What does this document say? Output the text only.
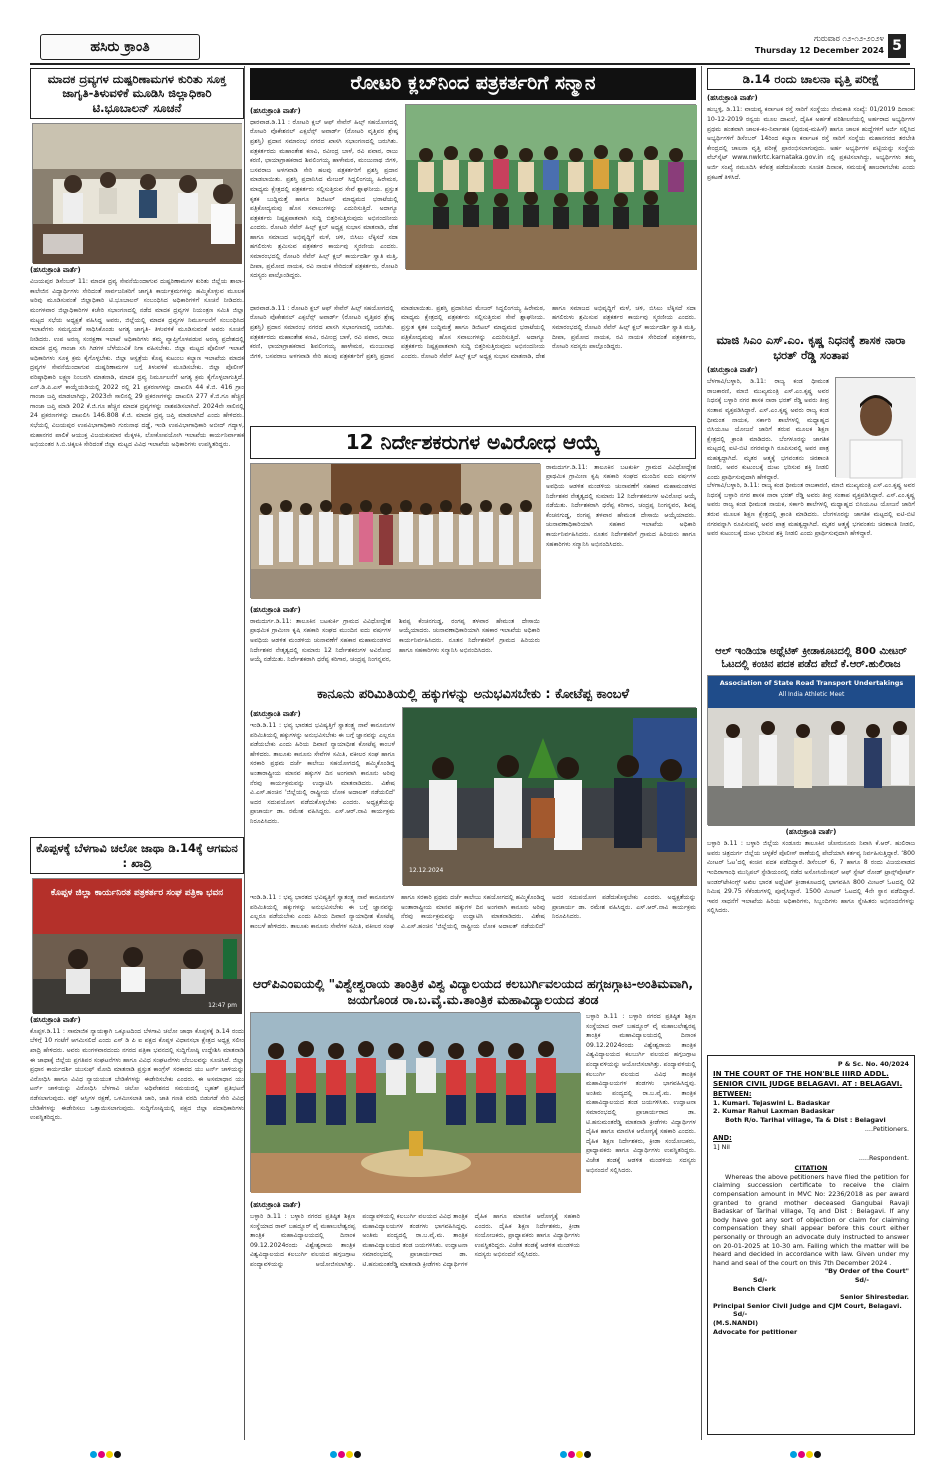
ಹಸಿರು ಕ್ರಾಂತಿ
ಗುರುವಾರ ೧೨-೧೨-೨೦೨೪
Thursday 12 December 2024 5
ಮಾದಕ ದ್ರವ್ಯಗಳ ದುಷ್ಪರಿಣಾಮಗಳ ಕುರಿತು ಸೂಕ್ತ ಜಾಗೃತಿ-ತಿಳುವಳಿಕೆ ಮೂಡಿಸಿ ಜಿಲ್ಲಾಧಿಕಾರಿ ಟಿ.ಭೂಬಾಲನ್ ಸೂಚನೆ
(ಹಸಿರುಕ್ರಾಂತಿ ವಾರ್ತೆ)
ವಿಜಯಪುರ ಡಿಸೆಂಬರ್ 11: ಮಾದಕ ದ್ರವ್ಯ ಸೇವನೆಯಿಂದಾಗುವ ದುಷ್ಪರಿಣಾಮಗಳ ಕುರಿತು ಜಿಲ್ಲೆಯ ಶಾಲಾ-ಕಾಲೇಜಿನ ವಿದ್ಯಾರ್ಥಿಗಳು ಸೇರಿದಂತೆ ಸಾರ್ವಜನಿಕರಿಗೆ ಜಾಗೃತಿ ಕಾರ್ಯಕ್ರಮಗಳನ್ನು ಹಮ್ಮಿಕೊಳ್ಳುವ ಮೂಲಕ ಅರಿವು ಮೂಡಿಸುವಂತೆ ಜಿಲ್ಲಾಧಿಕಾರಿ ಟಿ.ಭೂಬಾಲನ್ ಸಂಬಂಧಿಸಿದ ಅಧಿಕಾರಿಗಳಿಗೆ ಸೂಚನೆ ನೀಡಿದರು. ಮಂಗಳವಾರ ಜಿಲ್ಲಾಧಿಕಾರಿಗಳ ಕಚೇರಿ ಸಭಾಂಗಣದಲ್ಲಿ ನಡೆದ ಮಾದಕ ದ್ರವ್ಯಗಳ ನಿಯಂತ್ರಣ ಸಮಿತಿ ಜಿಲ್ಲಾ ಮಟ್ಟದ ಸಭೆಯ ಅಧ್ಯಕ್ಷತೆ ವಹಿಸಿದ್ದ ಅವರು, ಜಿಲ್ಲೆಯಲ್ಲಿ ಮಾದಕ ದ್ರವ್ಯಗಳ ನಿರ್ಮೂಲನೆಗೆ ಸಂಬಂಧಿಸಿದ ಇಲಾಖೆಗಳು ಸಮನ್ವಯತೆ ಸಾಧಿಸಿಕೊಂಡು ಅಗತ್ಯ ಜಾಗೃತಿ- ತಿಳುವಳಿಕೆ ಮೂಡಿಸುವಂತೆ ಅವರು ಸೂಚನೆ ನೀಡಿದರು. ಉಪ ಅರಣ್ಯ ಸಂರಕ್ಷಣಾ ಇಲಾಖೆ ಅಧಿಕಾರಿಗಳು ತಮ್ಮ ವ್ಯಾಪ್ತಿಗೊಳಪಡುವ ಅರಣ್ಯ ಪ್ರದೇಶದಲ್ಲಿ ಮಾದಕ ದ್ರವ್ಯ ಗಾಂಜಾ ಸಸಿ ಗಿಡಗಳ ಬೆಳೆಯುವಿಕೆ ನಿಗಾ ವಹಿಸಬೇಕು. ಜಿಲ್ಲಾ ಮಟ್ಟದ ಪೊಲೀಸ್ ಇಲಾಖೆ ಅಧಿಕಾರಿಗಳು ಸೂಕ್ತ ಕ್ರಮ ಕೈಗೊಳ್ಳಬೇಕು. ಜಿಲ್ಲಾ ಆಸ್ಪತ್ರೆಯ ಕೊಪ್ಪ ಕುಟುಂಬ ಕಲ್ಯಾಣ ಇಲಾಖೆಯ ಮಾದಕ ದ್ರವ್ಯಗಳ ಸೇವನೆಯಿಂದಾಗುವ ದುಷ್ಪರಿಣಾಮಗಳ ಬಗ್ಗೆ ತಿಳುವಳಿಕೆ ಮೂಡಿಸಬೇಕು. ಜಿಲ್ಲಾ ಪೊಲೀಸ್ ವರಿಷ್ಠಾಧಿಕಾರಿ ಲಕ್ಷ್ಮಣ ನಿಂಬರಗಿ ಮಾತನಾಡಿ, ಮಾದಕ ದ್ರವ್ಯ ನಿರ್ಮೂಲನೆಗೆ ಅಗತ್ಯ ಕ್ರಮ ಕೈಗೊಳ್ಳಲಾಗುತ್ತಿದೆ. ಎನ್.ಡಿ.ಪಿ.ಎಸ್ ಕಾಯ್ದೆಯಡಿಯಲ್ಲಿ 2022 ರಲ್ಲಿ 21 ಪ್ರಕರಣಗಳನ್ನು ದಾಖಲಿಸಿ 44 ಕೆ.ಜಿ. 416 ಗ್ರಾಂ ಗಾಂಜಾ ಜಪ್ತಿ ಮಾಡಲಾಗಿದ್ದು, 2023ನೇ ಸಾಲಿನಲ್ಲಿ 29 ಪ್ರಕರಣಗಳನ್ನು ದಾಖಲಿಸಿ 277 ಕೆ.ಜಿ.ಗೂ ಹೆಚ್ಚಿನ ಗಾಂಜಾ ಜಪ್ತಿ ಮಾಡಿ 202 ಕೆ.ಜಿ.ಗೂ ಹೆಚ್ಚಿನ ಮಾದಕ ದ್ರವ್ಯಗಳನ್ನು ನಾಶಪಡಿಸಲಾಗಿದೆ. 2024ನೇ ಸಾಲಿನಲ್ಲಿ 24 ಪ್ರಕರಣಗಳನ್ನು ದಾಖಲಿಸಿ 146.808 ಕೆ.ಜಿ. ಮಾದಕ ದ್ರವ್ಯ ಜಪ್ತಿ ಮಾಡಲಾಗಿದೆ ಎಂದು ಹೇಳಿದರು. ಸಭೆಯಲ್ಲಿ ವಿಜಯಪುರ ಉಪವಿಭಾಗಾಧಿಕಾರಿ ಗುರುನಾಥ ದಡ್ಡೆ, ಇಂಡಿ ಉಪವಿಭಾಗಾಧಿಕಾರಿ ಅಬೀದ್ ಗದ್ಯಾಳ, ಮಹಾನಗರ ಪಾಲಿಕೆ ಆಯುಕ್ತ ವಿಜಯಕುಮಾರ ಮೆಕ್ಕಳಕಿ, ಲೋಕೋಪಯೋಗಿ ಇಲಾಖೆಯ ಕಾರ್ಯನಿರ್ವಾಹಕ ಅಭಿಯಂತರ ಸಿ.ಬಿ.ಚಿಕ್ಕಲಕಿ ಸೇರಿದಂತೆ ಜಿಲ್ಲಾ ಮಟ್ಟದ ವಿವಿಧ ಇಲಾಖೆಯ ಅಧಿಕಾರಿಗಳು ಉಪಸ್ಥಿತರಿದ್ದರು.
ಕೊಪ್ಪಳಕ್ಕೆ ಬೆಳಗಾವಿ ಚಲೋ ಜಾಥಾ ಡಿ.14ಕ್ಕೆ ಆಗಮನ : ಖಾದ್ರಿ
ಕೊಪ್ಪಳ ಜಿಲ್ಲಾ ಕಾರ್ಯನಿರತ ಪತ್ರಕರ್ತರ ಸಂಘ ಪತ್ರಿಕಾ ಭವನ
12:47 pm
(ಹಸಿರುಕ್ರಾಂತಿ ವಾರ್ತೆ)
ಕೊಪ್ಪಳ.ಡಿ.11 : ಸಾಮಾಜಿಕ ನ್ಯಾಯಕ್ಕಾಗಿ ಒಕ್ಕೂಟದಿಂದ ಬೆಳಗಾವಿ ಚಲೋ ಜಾಥಾ ಕೊಪ್ಪಳಕ್ಕೆ ಡಿ.14 ರಂದು ಬೆಳಿಗ್ಗೆ 10 ಗಂಟೆಗೆ ಆಗಮಿಸಲಿದೆ ಎಂದು ಎಸ್ ಡಿ ಪಿ ಐ ಪಕ್ಷದ ಕೊಪ್ಪಳ ವಿಧಾನಸಭಾ ಕ್ಷೇತ್ರದ ಅಧ್ಯಕ್ಷ ಸಲೀಂ ಖಾದ್ರಿ ಹೇಳಿದರು. ಅವರು ಮಂಗಳವಾರದಂದು ನಗರದ ಪತ್ರಿಕಾ ಭವನದಲ್ಲಿ ಸುದ್ದಿಗೋಷ್ಠಿ ಉದ್ದೇಶಿಸಿ ಮಾತನಾಡಿ ಈ ಜಾಥಾಕ್ಕೆ ಜಿಲ್ಲೆಯ ಪ್ರಗತಿಪರ ಸಂಘಟನೆಗಳು ಹಾಗೂ ವಿವಿಧ ಸಂಘಟನೆಗಳು ಬೆಂಬಲವನ್ನು ಸೂಚಿಸಿದೆ. ಜಿಲ್ಲಾ ಪ್ರಧಾನ ಕಾರ್ಯದರ್ಶಿ ಯುಸುಫ್ ಮೋದಿ ಮಾತನಾಡಿ ಪ್ರಸ್ತುತ ಕಾಂಗ್ರೆಸ್ ಸರಕಾರದ ಯು ಟರ್ನ್ ಚಾಳಿಯನ್ನು ವಿರೋಧಿಸಿ ಹಾಗೂ ವಿವಿಧ ನ್ಯಾಯಯುತ ಬೇಡಿಕೆಗಳನ್ನು ಈಡೇರಿಸಬೇಕು ಎಂದರು. ಈ ಅಸಮಾಧಾನ ಯು ಟರ್ನ್ ಚಾಳಿಯನ್ನು ವಿರೋಧಿಸಿ ಬೆಳಗಾವಿ ಚಲೋ ಅಧಿವೇಶನದ ಸಮಯದಲ್ಲಿ ಬೃಹತ್ ಪ್ರತಿಭಟನೆ ನಡೆಸಲಾಗುವುದು. ವಕ್ಫ್ ಆಸ್ತಿಗಳ ರಕ್ಷಣೆ, ಒಳಮೀಸಲಾತಿ ಜಾರಿ, ಜಾತಿ ಗಣತಿ ವರದಿ ಬಿಡುಗಡೆ ಸೇರಿ ವಿವಿಧ ಬೇಡಿಕೆಗಳನ್ನು ಈಡೇರಿಸಲು ಒತ್ತಾಯಿಸಲಾಗುವುದು. ಸುದ್ದಿಗೋಷ್ಠಿಯಲ್ಲಿ ಪಕ್ಷದ ಜಿಲ್ಲಾ ಪದಾಧಿಕಾರಿಗಳು ಉಪಸ್ಥಿತರಿದ್ದರು.
ರೋಟರಿ ಕ್ಲಬ್‌ನಿಂದ ಪತ್ರಕರ್ತರಿಗೆ ಸನ್ಮಾನ
(ಹಸಿರುಕ್ರಾಂತಿ ವಾರ್ತೆ)
ಧಾರವಾಡ.ಡಿ.11 : ರೋಟರಿ ಕ್ಲಬ್ ಆಫ್ ಸೇವೆನ್ ಹಿಲ್ಸ್ ಸಹಯೋಗದಲ್ಲಿ ರೋಟರಿ ವೊಕೇಶನಲ್ ಎಕ್ಸಲೆನ್ಸ್ ಅವಾರ್ಡ್ (ರೋಟರಿ ವೃತ್ತಿಪರ ಶ್ರೇಷ್ಠ ಪ್ರಶಸ್ತಿ) ಪ್ರದಾನ ಸಮಾರಂಭ ನಗರದ ಖಾಸಗಿ ಸಭಾಂಗಣದಲ್ಲಿ ಜರುಗಿತು. ಪತ್ರಕರ್ತರದು ಮಹಾಂತೇಶ ಕಣವಿ, ರವೀಂದ್ರ ಬಾಳೆ, ರವಿ ಪವಾರ, ರಾಜು ಕರಣಿ, ಛಾಯಾಗ್ರಾಹಕರಾದ ಶಿವಲಿಂಗಯ್ಯ ಹಾಳೇಮಠ, ಮಂಜುನಾಥ ಜಿಗಳಿ, ಬಸವರಾಜ ಅಳಗವಾಡಿ ಸೇರಿ ಹಲವು ಪತ್ರಕರ್ತರಿಗೆ ಪ್ರಶಸ್ತಿ ಪ್ರದಾನ ಮಾಡಲಾಯಿತು. ಪ್ರಶಸ್ತಿ ಪ್ರದಾನಿಸಿದ ಮೇಜರ್ ಸಿದ್ದಲಿಂಗಯ್ಯ ಹಿರೇಮಠ, ಮಾಧ್ಯಮ ಕ್ಷೇತ್ರದಲ್ಲಿ ಪತ್ರಕರ್ತರು ಸಲ್ಲಿಸುತ್ತಿರುವ ಸೇವೆ ಶ್ಲಾಘನೀಯ. ಪ್ರಸ್ತುತ ಕೃತಕ ಬುದ್ಧಿಮತ್ತೆ ಹಾಗೂ ಡಿಜಿಟಲ್ ಮಾಧ್ಯಮದ ಭರಾಟೆಯಲ್ಲಿ ಪತ್ರಿಕೋದ್ಯಮವು ಹೊಸ ಸವಾಲುಗಳನ್ನು ಎದುರಿಸುತ್ತಿದೆ. ಅದಾಗ್ಯೂ ಪತ್ರಕರ್ತರು ನಿಷ್ಪಕ್ಷಪಾತವಾಗಿ ಸುದ್ದಿ ಬಿತ್ತರಿಸುತ್ತಿರುವುದು ಅಭಿನಂದನೀಯ ಎಂದರು. ರೋಟರಿ ಸೆವೆನ್ ಹಿಲ್ಸ್ ಕ್ಲಬ್ ಅಧ್ಯಕ್ಷ ಸುಭಾಸ ಮಾತನಾಡಿ, ದೇಶ ಹಾಗೂ ಸಮಾಜದ ಅಭಿವೃದ್ಧಿಗೆ ಮಳೆ, ಚಳಿ, ಬಿಸಿಲು ಲೆಕ್ಕಿಸದೆ ಸದಾ ಹಗಲಿರುಳು ಶ್ರಮಿಸುವ ಪತ್ರಕರ್ತರ ಕಾರ್ಯವು ಸ್ಮರಣೀಯ ಎಂದರು. ಸಮಾರಂಭದಲ್ಲಿ ರೋಟರಿ ಸೆವೆನ್ ಹಿಲ್ಸ್ ಕ್ಲಬ್ ಕಾರ್ಯದರ್ಶಿ ಸ್ವಾತಿ ಮತ್ತಿ, ದೀಪಾ, ಪ್ರಮೋದ ನಾಯಕ, ರವಿ ನಾಯಕ ಸೇರಿದಂತೆ ಪತ್ರಕರ್ತರು, ರೋಟರಿ ಸದಸ್ಯರು ಪಾಲ್ಗೊಂಡಿದ್ದರು.
ಧಾರವಾಡ.ಡಿ.11 : ರೋಟರಿ ಕ್ಲಬ್ ಆಫ್ ಸೇವೆನ್ ಹಿಲ್ಸ್ ಸಹಯೋಗದಲ್ಲಿ ರೋಟರಿ ವೊಕೇಶನಲ್ ಎಕ್ಸಲೆನ್ಸ್ ಅವಾರ್ಡ್ (ರೋಟರಿ ವೃತ್ತಿಪರ ಶ್ರೇಷ್ಠ ಪ್ರಶಸ್ತಿ) ಪ್ರದಾನ ಸಮಾರಂಭ ನಗರದ ಖಾಸಗಿ ಸಭಾಂಗಣದಲ್ಲಿ ಜರುಗಿತು. ಪತ್ರಕರ್ತರದು ಮಹಾಂತೇಶ ಕಣವಿ, ರವೀಂದ್ರ ಬಾಳೆ, ರವಿ ಪವಾರ, ರಾಜು ಕರಣಿ, ಛಾಯಾಗ್ರಾಹಕರಾದ ಶಿವಲಿಂಗಯ್ಯ ಹಾಳೇಮಠ, ಮಂಜುನಾಥ ಜಿಗಳಿ, ಬಸವರಾಜ ಅಳಗವಾಡಿ ಸೇರಿ ಹಲವು ಪತ್ರಕರ್ತರಿಗೆ ಪ್ರಶಸ್ತಿ ಪ್ರದಾನ ಮಾಡಲಾಯಿತು. ಪ್ರಶಸ್ತಿ ಪ್ರದಾನಿಸಿದ ಮೇಜರ್ ಸಿದ್ದಲಿಂಗಯ್ಯ ಹಿರೇಮಠ, ಮಾಧ್ಯಮ ಕ್ಷೇತ್ರದಲ್ಲಿ ಪತ್ರಕರ್ತರು ಸಲ್ಲಿಸುತ್ತಿರುವ ಸೇವೆ ಶ್ಲಾಘನೀಯ. ಪ್ರಸ್ತುತ ಕೃತಕ ಬುದ್ಧಿಮತ್ತೆ ಹಾಗೂ ಡಿಜಿಟಲ್ ಮಾಧ್ಯಮದ ಭರಾಟೆಯಲ್ಲಿ ಪತ್ರಿಕೋದ್ಯಮವು ಹೊಸ ಸವಾಲುಗಳನ್ನು ಎದುರಿಸುತ್ತಿದೆ. ಅದಾಗ್ಯೂ ಪತ್ರಕರ್ತರು ನಿಷ್ಪಕ್ಷಪಾತವಾಗಿ ಸುದ್ದಿ ಬಿತ್ತರಿಸುತ್ತಿರುವುದು ಅಭಿನಂದನೀಯ ಎಂದರು. ರೋಟರಿ ಸೆವೆನ್ ಹಿಲ್ಸ್ ಕ್ಲಬ್ ಅಧ್ಯಕ್ಷ ಸುಭಾಸ ಮಾತನಾಡಿ, ದೇಶ ಹಾಗೂ ಸಮಾಜದ ಅಭಿವೃದ್ಧಿಗೆ ಮಳೆ, ಚಳಿ, ಬಿಸಿಲು ಲೆಕ್ಕಿಸದೆ ಸದಾ ಹಗಲಿರುಳು ಶ್ರಮಿಸುವ ಪತ್ರಕರ್ತರ ಕಾರ್ಯವು ಸ್ಮರಣೀಯ ಎಂದರು. ಸಮಾರಂಭದಲ್ಲಿ ರೋಟರಿ ಸೆವೆನ್ ಹಿಲ್ಸ್ ಕ್ಲಬ್ ಕಾರ್ಯದರ್ಶಿ ಸ್ವಾತಿ ಮತ್ತಿ, ದೀಪಾ, ಪ್ರಮೋದ ನಾಯಕ, ರವಿ ನಾಯಕ ಸೇರಿದಂತೆ ಪತ್ರಕರ್ತರು, ರೋಟರಿ ಸದಸ್ಯರು ಪಾಲ್ಗೊಂಡಿದ್ದರು.
12 ನಿರ್ದೇಶಕರುಗಳ ಅವಿರೋಧ ಆಯ್ಕೆ
ರಾಮದುರ್ಗ.ಡಿ.11: ತಾಲೂಕಿನ ಬಟಕುರ್ಕಿ ಗ್ರಾಮದ ವಿವಿಧೋದ್ದೇಶ ಪ್ರಾಥಮಿಕ ಗ್ರಾಮೀಣ ಕೃಷಿ ಸಹಕಾರಿ ಸಂಘದ ಮುಂದಿನ ಐದು ವರ್ಷಗಳ ಅವಧಿಯ ಆಡಳಿತ ಮಂಡಳಿಯ ಚುನಾವಣೆಗೆ ಸಹಕಾರ ಮಹಾಮಂಡಳದ ನಿರ್ದೇಶಕರ ನೇತೃತ್ವದಲ್ಲಿ ಸುಮಾರು 12 ನಿರ್ದೇಶಕರುಗಳ ಅವಿರೋಧ ಆಯ್ಕೆ ನಡೆಯಿತು. ನಿರ್ದೇಶಕರಾಗಿ ಧರೆಪ್ಪ ಕರಿಗಾರ, ಚಂದ್ರಪ್ಪ ನಿಂಗನ್ನವರ, ಶಿವಪ್ಪ ಕೆಂಚನಗುಡ್ಡ, ರಂಗಪ್ಪ ತಳವಾರ ಹೇಮಂತ ದೇಸಾಯಿ ಆಯ್ಕೆಯಾದರು. ಚುನಾವಣಾಧಿಕಾರಿಯಾಗಿ ಸಹಕಾರ ಇಲಾಖೆಯ ಅಧಿಕಾರಿ ಕಾರ್ಯನಿರ್ವಹಿಸಿದರು. ನೂತನ ನಿರ್ದೇಶಕರಿಗೆ ಗ್ರಾಮದ ಹಿರಿಯರು ಹಾಗೂ ಸಹಕಾರಿಗಳು ಸನ್ಮಾನಿಸಿ ಅಭಿನಂದಿಸಿದರು.
(ಹಸಿರುಕ್ರಾಂತಿ ವಾರ್ತೆ)
ರಾಮದುರ್ಗ.ಡಿ.11: ತಾಲೂಕಿನ ಬಟಕುರ್ಕಿ ಗ್ರಾಮದ ವಿವಿಧೋದ್ದೇಶ ಪ್ರಾಥಮಿಕ ಗ್ರಾಮೀಣ ಕೃಷಿ ಸಹಕಾರಿ ಸಂಘದ ಮುಂದಿನ ಐದು ವರ್ಷಗಳ ಅವಧಿಯ ಆಡಳಿತ ಮಂಡಳಿಯ ಚುನಾವಣೆಗೆ ಸಹಕಾರ ಮಹಾಮಂಡಳದ ನಿರ್ದೇಶಕರ ನೇತೃತ್ವದಲ್ಲಿ ಸುಮಾರು 12 ನಿರ್ದೇಶಕರುಗಳ ಅವಿರೋಧ ಆಯ್ಕೆ ನಡೆಯಿತು. ನಿರ್ದೇಶಕರಾಗಿ ಧರೆಪ್ಪ ಕರಿಗಾರ, ಚಂದ್ರಪ್ಪ ನಿಂಗನ್ನವರ, ಶಿವಪ್ಪ ಕೆಂಚನಗುಡ್ಡ, ರಂಗಪ್ಪ ತಳವಾರ ಹೇಮಂತ ದೇಸಾಯಿ ಆಯ್ಕೆಯಾದರು. ಚುನಾವಣಾಧಿಕಾರಿಯಾಗಿ ಸಹಕಾರ ಇಲಾಖೆಯ ಅಧಿಕಾರಿ ಕಾರ್ಯನಿರ್ವಹಿಸಿದರು. ನೂತನ ನಿರ್ದೇಶಕರಿಗೆ ಗ್ರಾಮದ ಹಿರಿಯರು ಹಾಗೂ ಸಹಕಾರಿಗಳು ಸನ್ಮಾನಿಸಿ ಅಭಿನಂದಿಸಿದರು.
ಕಾನೂನು ಪರಿಮಿತಿಯಲ್ಲಿ ಹಕ್ಕುಗಳನ್ನು ಅನುಭವಿಸಬೇಕು : ಕೋಟೆಪ್ಪ ಕಾಂಬಳೆ
(ಹಸಿರುಕ್ರಾಂತಿ ವಾರ್ತೆ)
ಇಂಡಿ.ಡಿ.11 : ಭವ್ಯ ಭಾರತದ ಭವಿಷ್ಯತ್ತಿಗೆ ಸ್ವಾತಂತ್ರ್ಯ ನಾವೆ ಕಾನೂನುಗಳ ಪರಿಮಿತಿಯಲ್ಲಿ ಹಕ್ಕುಗಳನ್ನು ಅನುಭವಿಸಬೇಕು ಈ ಬಗ್ಗೆ ಜ್ಞಾನವನ್ನು ಎಲ್ಲರೂ ಪಡೆಯಬೇಕು ಎಂದು ಹಿರಿಯ ದಿವಾಣಿ ನ್ಯಾಯಾಧೀಶ ಕೋಟೆಪ್ಪ ಕಾಂಬಳೆ ಹೇಳಿದರು. ತಾಲೂಕು ಕಾನೂನು ಸೇವೆಗಳ ಸಮಿತಿ, ವಕೀಲರ ಸಂಘ ಹಾಗೂ ಸರಕಾರಿ ಪ್ರಥಮ ದರ್ಜೆ ಕಾಲೇಜು ಸಹಯೋಗದಲ್ಲಿ ಹಮ್ಮಿಕೊಂಡಿದ್ದ ಅಂತಾರಾಷ್ಟ್ರೀಯ ಮಾನವ ಹಕ್ಕುಗಳ ದಿನ ಅಂಗವಾಗಿ ಕಾನೂನು ಅರಿವು ನೆರವು ಕಾರ್ಯಕ್ರಮವನ್ನು ಉದ್ಘಾಟಿಸಿ ಮಾತನಾಡಿದರು. ವಿಶೇಷ ವಿ.ಎಸ್.ಹಂಚಿನ 'ಜಿಲ್ಲೆಯಲ್ಲಿ ರಾಷ್ಟ್ರೀಯ ಲೋಕ ಅದಾಲತ್ ನಡೆಯಲಿದೆ' ಅದರ ಸದುಪಯೋಗ ಪಡೆದುಕೊಳ್ಳಬೇಕು ಎಂದರು. ಅಧ್ಯಕ್ಷತೆಯನ್ನು ಪ್ರಾಚಾರ್ಯ ಡಾ. ರಮೇಶ ವಹಿಸಿದ್ದರು. ಎಸ್.ಆರ್.ನಾವಿ ಕಾರ್ಯಕ್ರಮ ನಿರೂಪಿಸಿದರು.
12.12.2024
ಇಂಡಿ.ಡಿ.11 : ಭವ್ಯ ಭಾರತದ ಭವಿಷ್ಯತ್ತಿಗೆ ಸ್ವಾತಂತ್ರ್ಯ ನಾವೆ ಕಾನೂನುಗಳ ಪರಿಮಿತಿಯಲ್ಲಿ ಹಕ್ಕುಗಳನ್ನು ಅನುಭವಿಸಬೇಕು ಈ ಬಗ್ಗೆ ಜ್ಞಾನವನ್ನು ಎಲ್ಲರೂ ಪಡೆಯಬೇಕು ಎಂದು ಹಿರಿಯ ದಿವಾಣಿ ನ್ಯಾಯಾಧೀಶ ಕೋಟೆಪ್ಪ ಕಾಂಬಳೆ ಹೇಳಿದರು. ತಾಲೂಕು ಕಾನೂನು ಸೇವೆಗಳ ಸಮಿತಿ, ವಕೀಲರ ಸಂಘ ಹಾಗೂ ಸರಕಾರಿ ಪ್ರಥಮ ದರ್ಜೆ ಕಾಲೇಜು ಸಹಯೋಗದಲ್ಲಿ ಹಮ್ಮಿಕೊಂಡಿದ್ದ ಅಂತಾರಾಷ್ಟ್ರೀಯ ಮಾನವ ಹಕ್ಕುಗಳ ದಿನ ಅಂಗವಾಗಿ ಕಾನೂನು ಅರಿವು ನೆರವು ಕಾರ್ಯಕ್ರಮವನ್ನು ಉದ್ಘಾಟಿಸಿ ಮಾತನಾಡಿದರು. ವಿಶೇಷ ವಿ.ಎಸ್.ಹಂಚಿನ 'ಜಿಲ್ಲೆಯಲ್ಲಿ ರಾಷ್ಟ್ರೀಯ ಲೋಕ ಅದಾಲತ್ ನಡೆಯಲಿದೆ' ಅದರ ಸದುಪಯೋಗ ಪಡೆದುಕೊಳ್ಳಬೇಕು ಎಂದರು. ಅಧ್ಯಕ್ಷತೆಯನ್ನು ಪ್ರಾಚಾರ್ಯ ಡಾ. ರಮೇಶ ವಹಿಸಿದ್ದರು. ಎಸ್.ಆರ್.ನಾವಿ ಕಾರ್ಯಕ್ರಮ ನಿರೂಪಿಸಿದರು.
ಆರ್‌ಪಿಎಂಐಯಲ್ಲಿ "ವಿಶ್ವೇಶ್ವರಾಯ ತಾಂತ್ರಿಕ ವಿಶ್ವ ವಿದ್ಯಾಲಯದ ಕಲಬುರ್ಗಿವಲಯದ ಹಗ್ಗಜಗ್ಗಾಟ-ಅಂತಿಮವಾಗಿ, ಜಯಗೊಂಡ ರಾ.ಬ.ವೈ.ಮ.ತಾಂತ್ರಿಕ ಮಹಾವಿದ್ಯಾಲಯದ ತಂಡ
ಬಳ್ಳಾರಿ ಡಿ.11 : ಬಳ್ಳಾರಿ ನಗರದ ಪ್ರತಿಷ್ಠಿತ ಶಿಕ್ಷಣ ಸಂಸ್ಥೆಯಾದ ರಾವ್ ಬಹದ್ದೂರ್ ವೈ ಮಹಾಬಲೇಶ್ವರಪ್ಪ ತಾಂತ್ರಿಕ ಮಹಾವಿದ್ಯಾಲಯದಲ್ಲಿ ದಿನಾಂಕ 09.12.2024ರಂದು ವಿಶ್ವೇಶ್ವರಾಯ ತಾಂತ್ರಿಕ ವಿಶ್ವವಿದ್ಯಾಲಯದ ಕಲಬುರ್ಗಿ ವಲಯದ ಹಗ್ಗಜಗ್ಗಾಟ ಪಂದ್ಯಾವಳಿಯನ್ನು ಆಯೋಜಿಸಲಾಗಿತ್ತು. ಪಂದ್ಯಾವಳಿಯಲ್ಲಿ ಕಲಬುರ್ಗಿ ವಲಯದ ವಿವಿಧ ತಾಂತ್ರಿಕ ಮಹಾವಿದ್ಯಾಲಯಗಳ ತಂಡಗಳು ಭಾಗವಹಿಸಿದ್ದವು. ಅಂತಿಮ ಪಂದ್ಯದಲ್ಲಿ ರಾ.ಬ.ವೈ.ಮ. ತಾಂತ್ರಿಕ ಮಹಾವಿದ್ಯಾಲಯದ ತಂಡ ಜಯಗಳಿಸಿತು. ಉದ್ಘಾಟನಾ ಸಮಾರಂಭದಲ್ಲಿ ಪ್ರಾಚಾರ್ಯರಾದ ಡಾ. ಟಿ.ಹನುಮಂತರೆಡ್ಡಿ ಮಾತನಾಡಿ ಕ್ರೀಡೆಗಳು ವಿದ್ಯಾರ್ಥಿಗಳ ದೈಹಿಕ ಹಾಗೂ ಮಾನಸಿಕ ಆರೋಗ್ಯಕ್ಕೆ ಸಹಕಾರಿ ಎಂದರು. ದೈಹಿಕ ಶಿಕ್ಷಣ ನಿರ್ದೇಶಕರು, ಕ್ರೀಡಾ ಸಂಯೋಜಕರು, ಪ್ರಾಧ್ಯಾಪಕರು ಹಾಗೂ ವಿದ್ಯಾರ್ಥಿಗಳು ಉಪಸ್ಥಿತರಿದ್ದರು. ವಿಜೇತ ತಂಡಕ್ಕೆ ಆಡಳಿತ ಮಂಡಳಿಯ ಸದಸ್ಯರು ಅಭಿನಂದನೆ ಸಲ್ಲಿಸಿದರು.
(ಹಸಿರುಕ್ರಾಂತಿ ವಾರ್ತೆ)
ಬಳ್ಳಾರಿ ಡಿ.11 : ಬಳ್ಳಾರಿ ನಗರದ ಪ್ರತಿಷ್ಠಿತ ಶಿಕ್ಷಣ ಸಂಸ್ಥೆಯಾದ ರಾವ್ ಬಹದ್ದೂರ್ ವೈ ಮಹಾಬಲೇಶ್ವರಪ್ಪ ತಾಂತ್ರಿಕ ಮಹಾವಿದ್ಯಾಲಯದಲ್ಲಿ ದಿನಾಂಕ 09.12.2024ರಂದು ವಿಶ್ವೇಶ್ವರಾಯ ತಾಂತ್ರಿಕ ವಿಶ್ವವಿದ್ಯಾಲಯದ ಕಲಬುರ್ಗಿ ವಲಯದ ಹಗ್ಗಜಗ್ಗಾಟ ಪಂದ್ಯಾವಳಿಯನ್ನು ಆಯೋಜಿಸಲಾಗಿತ್ತು. ಪಂದ್ಯಾವಳಿಯಲ್ಲಿ ಕಲಬುರ್ಗಿ ವಲಯದ ವಿವಿಧ ತಾಂತ್ರಿಕ ಮಹಾವಿದ್ಯಾಲಯಗಳ ತಂಡಗಳು ಭಾಗವಹಿಸಿದ್ದವು. ಅಂತಿಮ ಪಂದ್ಯದಲ್ಲಿ ರಾ.ಬ.ವೈ.ಮ. ತಾಂತ್ರಿಕ ಮಹಾವಿದ್ಯಾಲಯದ ತಂಡ ಜಯಗಳಿಸಿತು. ಉದ್ಘಾಟನಾ ಸಮಾರಂಭದಲ್ಲಿ ಪ್ರಾಚಾರ್ಯರಾದ ಡಾ. ಟಿ.ಹನುಮಂತರೆಡ್ಡಿ ಮಾತನಾಡಿ ಕ್ರೀಡೆಗಳು ವಿದ್ಯಾರ್ಥಿಗಳ ದೈಹಿಕ ಹಾಗೂ ಮಾನಸಿಕ ಆರೋಗ್ಯಕ್ಕೆ ಸಹಕಾರಿ ಎಂದರು. ದೈಹಿಕ ಶಿಕ್ಷಣ ನಿರ್ದೇಶಕರು, ಕ್ರೀಡಾ ಸಂಯೋಜಕರು, ಪ್ರಾಧ್ಯಾಪಕರು ಹಾಗೂ ವಿದ್ಯಾರ್ಥಿಗಳು ಉಪಸ್ಥಿತರಿದ್ದರು. ವಿಜೇತ ತಂಡಕ್ಕೆ ಆಡಳಿತ ಮಂಡಳಿಯ ಸದಸ್ಯರು ಅಭಿನಂದನೆ ಸಲ್ಲಿಸಿದರು.
ಡಿ.14 ರಂದು ಚಾಲನಾ ವೃತ್ತಿ ಪರೀಕ್ಷೆ
(ಹಸಿರುಕ್ರಾಂತಿ ವಾರ್ತೆ)
ಹುಬ್ಬಳ್ಳಿ, ಡಿ.11: ವಾಯವ್ಯ ಕರ್ನಾಟಕ ರಸ್ತೆ ಸಾರಿಗೆ ಸಂಸ್ಥೆಯು ನೇಮಕಾತಿ ಸಂಖ್ಯೆ: 01/2019 ದಿನಾಂಕ: 10-12-2019 ರನ್ವಯ ಮೂಲ ದಾಖಲೆ, ದೈಹಿಕ ಅರ್ಹತೆ ಪರಿಶೀಲನೆಯಲ್ಲಿ ಅರ್ಹರಾದ ಅಭ್ಯರ್ಥಿಗಳ ಪ್ರಥಮ ಹಂತವಾಗಿ ಚಾಲಕ-ಕಂ-ನಿರ್ವಾಹಕ (ಪುರುಷ-ಮಹಿಳೆ) ಹಾಗೂ ಚಾಲಕ ಹುದ್ದೆಗಳಿಗೆ ಅರ್ಜಿ ಸಲ್ಲಿಸಿದ ಅಭ್ಯರ್ಥಿಗಳಿಗೆ ಡಿಸೆಂಬರ್ 14ರಿಂದ ಕಲ್ಯಾಣ ಕರ್ನಾಟಕ ರಸ್ತೆ ಸಾರಿಗೆ ಸಂಸ್ಥೆಯ ಮಹಾನಗರದ ತರಬೇತಿ ಕೇಂದ್ರದಲ್ಲಿ ಚಾಲನಾ ವೃತ್ತಿ ಪರೀಕ್ಷೆ ಪ್ರಾರಂಭಿಸಲಾಗುವುದು. ಅರ್ಹ ಅಭ್ಯರ್ಥಿಗಳ ಪಟ್ಟಿಯನ್ನು ಸಂಸ್ಥೆಯ ವೆಬ್‌ಸೈಟ್ www.nwkrtc.karnataka.gov.in ನಲ್ಲಿ ಪ್ರಕಟಿಸಲಾಗಿದ್ದು, ಅಭ್ಯರ್ಥಿಗಳು ತಮ್ಮ ಅರ್ಜಿ ಸಂಖ್ಯೆ ನಮೂದಿಸಿ ಕರೆಪತ್ರ ಪಡೆದುಕೊಂಡು ಸೂಚಿತ ದಿನಾಂಕ, ಸಮಯಕ್ಕೆ ಹಾಜರಾಗಬೇಕು ಎಂದು ಪ್ರಕಟಣೆ ತಿಳಿಸಿದೆ.
ಮಾಜಿ ಸಿಎಂ ಎಸ್.ಎಂ. ಕೃಷ್ಣ ನಿಧನಕ್ಕೆ ಶಾಸಕ ನಾರಾ ಭರತ್ ರೆಡ್ಡಿ ಸಂತಾಪ
(ಹಸಿರುಕ್ರಾಂತಿ ವಾರ್ತೆ)
ಬೆಳಗಾವಿ/ಬಳ್ಳಾರಿ, ಡಿ.11: ರಾಜ್ಯ ಕಂಡ ಧೀಮಂತ ರಾಜಕಾರಣಿ, ಮಾಜಿ ಮುಖ್ಯಮಂತ್ರಿ ಎಸ್.ಎಂ.ಕೃಷ್ಣ ಅವರ ನಿಧನಕ್ಕೆ ಬಳ್ಳಾರಿ ನಗರ ಶಾಸಕ ನಾರಾ ಭರತ್ ರೆಡ್ಡಿ ಅವರು ತೀವ್ರ ಸಂತಾಪ ವ್ಯಕ್ತಪಡಿಸಿದ್ದಾರೆ. ಎಸ್.ಎಂ.ಕೃಷ್ಣ ಅವರು ರಾಜ್ಯ ಕಂಡ ಧೀಮಂತ ನಾಯಕ, ಸರ್ಕಾರಿ ಶಾಲೆಗಳಲ್ಲಿ ಮಧ್ಯಾಹ್ನದ ಬಿಸಿಯೂಟ ಯೋಜನೆ ಜಾರಿಗೆ ತರುವ ಮೂಲಕ ಶಿಕ್ಷಣ ಕ್ಷೇತ್ರದಲ್ಲಿ ಕ್ರಾಂತಿ ಮಾಡಿದರು. ಬೆಂಗಳೂರನ್ನು ಜಾಗತಿಕ ಮಟ್ಟದಲ್ಲಿ ಐಟಿ-ಬಿಟಿ ನಗರವನ್ನಾಗಿ ರೂಪಿಸುವಲ್ಲಿ ಅವರ ಪಾತ್ರ ಮಹತ್ವದ್ದಾಗಿದೆ. ಮೃತರ ಆತ್ಮಕ್ಕೆ ಭಗವಂತನು ಚಿರಶಾಂತಿ ನೀಡಲಿ, ಅವರ ಕುಟುಂಬಕ್ಕೆ ದುಃಖ ಭರಿಸುವ ಶಕ್ತಿ ನೀಡಲಿ ಎಂದು ಪ್ರಾರ್ಥಿಸುವುದಾಗಿ ಹೇಳಿದ್ದಾರೆ.
ಬೆಳಗಾವಿ/ಬಳ್ಳಾರಿ, ಡಿ.11: ರಾಜ್ಯ ಕಂಡ ಧೀಮಂತ ರಾಜಕಾರಣಿ, ಮಾಜಿ ಮುಖ್ಯಮಂತ್ರಿ ಎಸ್.ಎಂ.ಕೃಷ್ಣ ಅವರ ನಿಧನಕ್ಕೆ ಬಳ್ಳಾರಿ ನಗರ ಶಾಸಕ ನಾರಾ ಭರತ್ ರೆಡ್ಡಿ ಅವರು ತೀವ್ರ ಸಂತಾಪ ವ್ಯಕ್ತಪಡಿಸಿದ್ದಾರೆ. ಎಸ್.ಎಂ.ಕೃಷ್ಣ ಅವರು ರಾಜ್ಯ ಕಂಡ ಧೀಮಂತ ನಾಯಕ, ಸರ್ಕಾರಿ ಶಾಲೆಗಳಲ್ಲಿ ಮಧ್ಯಾಹ್ನದ ಬಿಸಿಯೂಟ ಯೋಜನೆ ಜಾರಿಗೆ ತರುವ ಮೂಲಕ ಶಿಕ್ಷಣ ಕ್ಷೇತ್ರದಲ್ಲಿ ಕ್ರಾಂತಿ ಮಾಡಿದರು. ಬೆಂಗಳೂರನ್ನು ಜಾಗತಿಕ ಮಟ್ಟದಲ್ಲಿ ಐಟಿ-ಬಿಟಿ ನಗರವನ್ನಾಗಿ ರೂಪಿಸುವಲ್ಲಿ ಅವರ ಪಾತ್ರ ಮಹತ್ವದ್ದಾಗಿದೆ. ಮೃತರ ಆತ್ಮಕ್ಕೆ ಭಗವಂತನು ಚಿರಶಾಂತಿ ನೀಡಲಿ, ಅವರ ಕುಟುಂಬಕ್ಕೆ ದುಃಖ ಭರಿಸುವ ಶಕ್ತಿ ನೀಡಲಿ ಎಂದು ಪ್ರಾರ್ಥಿಸುವುದಾಗಿ ಹೇಳಿದ್ದಾರೆ.
ಆಲ್ ಇಂಡಿಯಾ ಅಥ್ಲೆಟಿಕ್ ಕ್ರೀಡಾಕೂಟದಲ್ಲಿ 800 ಮೀಟರ್ ಓಟದಲ್ಲಿ ಕಂಚಿನ ಪದಕ ಪಡೆದ ಪೇದೆ ಕೆ.ಆರ್.ಹುಲಿರಾಜ
Association of State Road Transport Undertakings
All India Athletic Meet
(ಹಸಿರುಕ್ರಾಂತಿ ವಾರ್ತೆ)
ಬಳ್ಳಾರಿ ಡಿ.11 : ಬಳ್ಳಾರಿ ಜಿಲ್ಲೆಯ ಸಂಡೂರು ತಾಲೂಕಿನ ಚೋರುನೂರು ನಿವಾಸಿ ಕೆ.ಆರ್. ಹುಲಿರಾಜ ಅವರು ಚಿತ್ರದುರ್ಗ ಜಿಲ್ಲೆಯ ಚಳ್ಳಕೆರೆ ಪೊಲೀಸ್ ಠಾಣೆಯಲ್ಲಿ ಪೇದೆಯಾಗಿ ಕರ್ತವ್ಯ ನಿರ್ವಹಿಸುತ್ತಿದ್ದಾರೆ. ‘800 ಮೀಟರ್ ಓಟ’ದಲ್ಲಿ ಕಂಚಿನ ಪದಕ ಪಡೆದಿದ್ದಾರೆ. ಡಿಸೆಂಬರ್ 6, 7 ಹಾಗೂ 8 ರಂದು ವಿಜಯವಾಡದ ಇಂದಿರಾಗಾಂಧಿ ಮುನ್ಸಿಪಲ್ ಸ್ಟೇಡಿಯಂನಲ್ಲಿ ನಡೆದ ಅಸೋಸಿಯೇಷನ್ ಆಫ್ ಸ್ಟೇಟ್ ರೋಡ್ ಟ್ರಾನ್ಸ್‌ಪೋರ್ಟ್ ಅಂಡರ್‌ಟೇಕಿಂಗ್ಸ್ ಅಖಿಲ ಭಾರತ ಅಥ್ಲೆಟಿಕ್ ಕ್ರೀಡಾಕೂಟದಲ್ಲಿ ಭಾಗವಹಿಸಿ 800 ಮೀಟರ್ ಓಟದಲ್ಲಿ 02 ನಿಮಿಷ 29.75 ಸೆಕೆಂಡುಗಳಲ್ಲಿ ಪೂರೈಸಿದ್ದಾರೆ. 1500 ಮೀಟರ್ ಓಟದಲ್ಲಿ 4ನೇ ಸ್ಥಾನ ಪಡೆದಿದ್ದಾರೆ. ಇವರ ಸಾಧನೆಗೆ ಇಲಾಖೆಯ ಹಿರಿಯ ಅಧಿಕಾರಿಗಳು, ಸಿಬ್ಬಂದಿಗಳು ಹಾಗೂ ಸ್ನೇಹಿತರು ಅಭಿನಂದನೆಗಳನ್ನು ಸಲ್ಲಿಸಿದರು.
P & Sc. No. 40/2024
IN THE COURT OF THE HON'BLE IIIRD ADDL. SENIOR CIVIL JUDGE BELAGAVI. AT : BELAGAVI.
BETWEEN:
1. Kumari. Tejaswini L. Badaskar
2. Kumar Rahul Laxman Badaskar
Both R/o. Tarihal village, Ta & Dist : Belagavi
....Petitioners.
AND:
1] Nil
.....Respondent.
CITATION
Whereas the above petitioners have filed the petition for claiming succession certificate to receive the claim compensation amount in MVC No: 2236/2018 as per award granted to grand mother deceased Gangubai Ravaji Badaskar of Tarihal village, Tq and Dist : Belagavi. If any body have got any sort of objection or claim for claiming compensation they shall appear before this court either personally or through an advocate duly instructed to answer on 20-01-2025 at 10-30 am. Failing which the matter will be heard and decided in accordance with law. Given under my hand and seal of the court on this 7th December 2024 .
"By Order of the Court"
Sd/-	Sd/-
Bench Clerk
Senior Shirestedar.
Principal Senior Civil Judge and CJM Court, Belagavi.
Sd/-
(M.S.NANDI)
Advocate for petitioner
